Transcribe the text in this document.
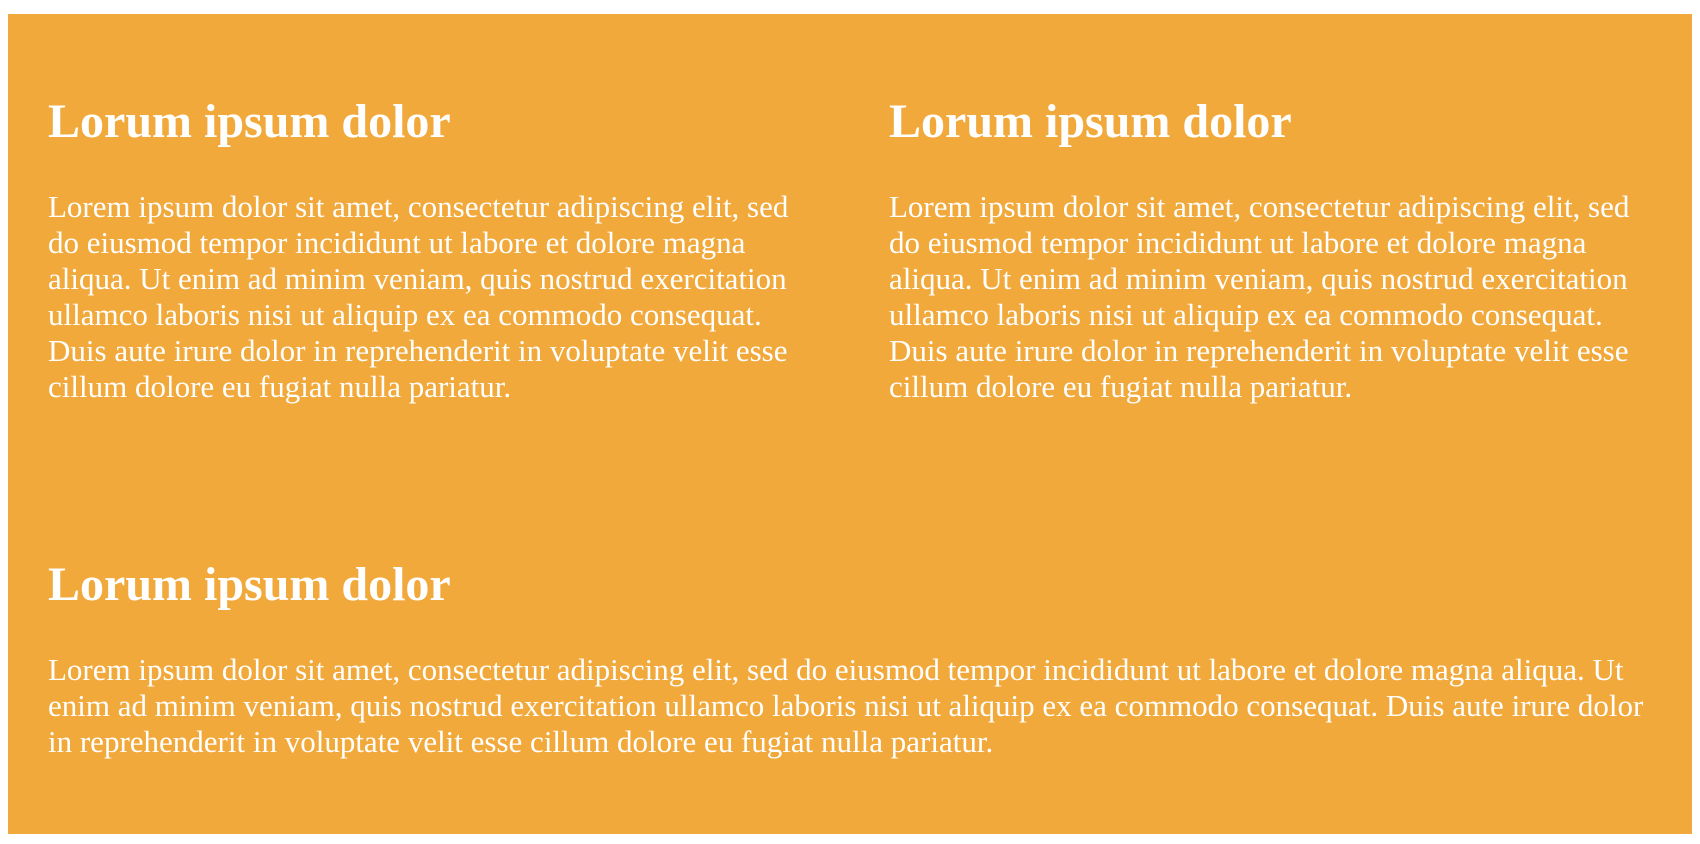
Lorum ipsum dolor

Lorem ipsum dolor sit amet, consectetur adipiscing elit, sed do eiusmod tempor incididunt ut labore et dolore magna aliqua. Ut enim ad minim veniam, quis nostrud exercitation ullamco laboris nisi ut aliquip ex ea commodo consequat. Duis aute irure dolor in reprehenderit in voluptate velit esse cillum dolore eu fugiat nulla pariatur.

Lorum ipsum dolor

Lorem ipsum dolor sit amet, consectetur adipiscing elit, sed do eiusmod tempor incididunt ut labore et dolore magna aliqua. Ut enim ad minim veniam, quis nostrud exercitation ullamco laboris nisi ut aliquip ex ea commodo consequat. Duis aute irure dolor in reprehenderit in voluptate velit esse cillum dolore eu fugiat nulla pariatur.

Lorum ipsum dolor

Lorem ipsum dolor sit amet, consectetur adipiscing elit, sed do eiusmod tempor incididunt ut labore et dolore magna aliqua. Ut enim ad minim veniam, quis nostrud exercitation ullamco laboris nisi ut aliquip ex ea commodo consequat. Duis aute irure dolor in reprehenderit in voluptate velit esse cillum dolore eu fugiat nulla pariatur.
